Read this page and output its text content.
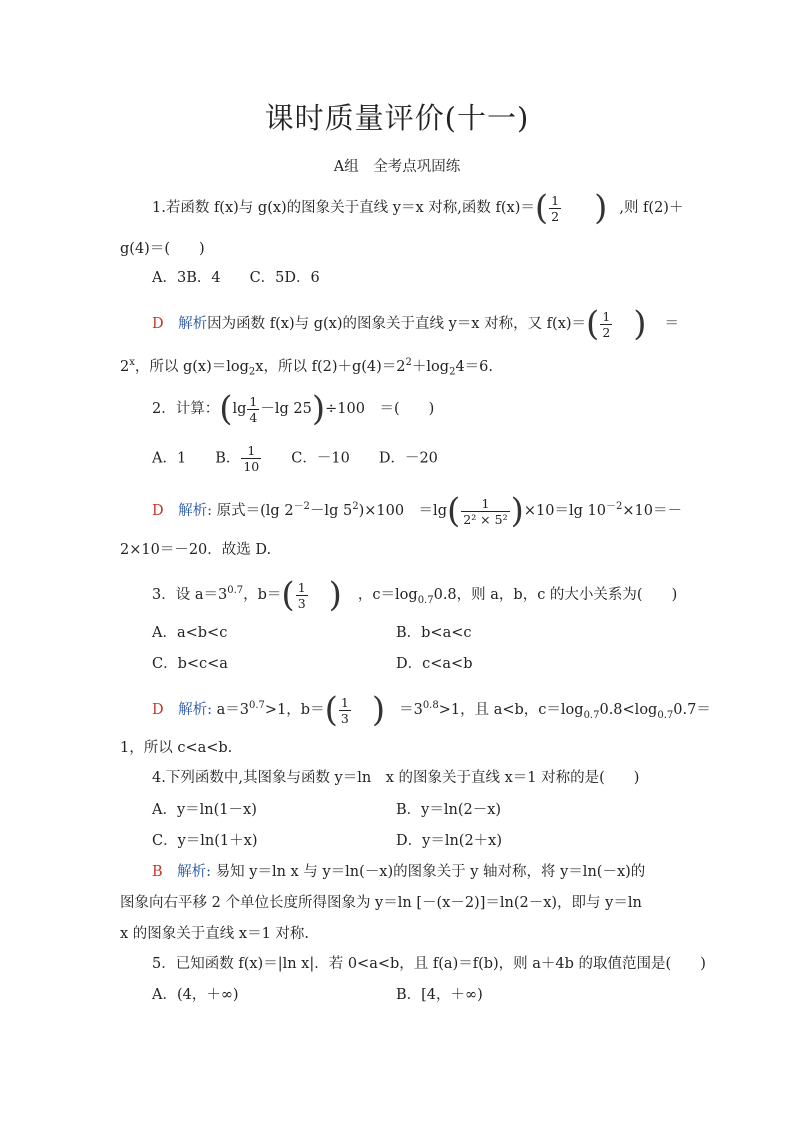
课时质量评价(十一)
A组　全考点巩固练
1.若函数 f(x)与 g(x)的图象关于直线 y＝x 对称,函数 $f(x)=( \frac{1}{2}$ ) ,则 f(2)＋
g(4)＝(　　)
A．3B．4　　C．5D．6
D　 解析因为函数 f(x)与 g(x)的图象关于直线 y＝x 对称，又 $f(x)=( \frac{1}{2}$ ) ＝
$2^x$，所以 $g(x)=\log_2x$，所以 $f(2)+g(4)=2^2+\log_24=6$.
2．计算：($\lg \frac{1}{4} -\lg$ 25)÷100　＝(　　)
A．1　　 B． $\frac{1}{10}$
　　 C．－10　　 D．－20
D　 解析: 原式＝(lg $2^{-2}-\lg$ $5^2)\times 100$　$=\lg( \frac{1}{\text{2² × 5²}} )\times 10=\lg$ $10^{-2}\times 10=-$
2×10＝－20．故选 D.
3．设 $a=3^{0.7}$，$b=( \frac{1}{3}$ ) ，$c=\log_{0.7}0.8$，则 a，b，c 的大小关系为(　　)
A．a<b<c	B．b<a<c
C．b<c<a	D．c<a<b
D　 解析: $a=3^{0.7}>1$，$b=( \frac{1}{3}$ ) $=3^{0.8}>1$，且 a<b，$c=\log_{0.7}0.8<\log_{0.7}0.7=$
1，所以 c<a<b.
4.下列函数中,其图象与函数 y＝ln　x 的图象关于直线 x＝1 对称的是(　　)
A．y＝ln(1－x)	B．y＝ln(2－x)
C．y＝ln(1＋x)	D．y＝ln(2＋x)
B　 解析: 易知 y＝ln x 与 y＝ln(－x)的图象关于 y 轴对称，将 y＝ln(－x)的
图象向右平移 2 个单位长度所得图象为 y＝ln [－(x－2)]＝ln(2－x)，即与 y＝ln
x 的图象关于直线 x＝1 对称.
5．已知函数 f(x)＝|ln x|．若 0<a<b，且 f(a)＝f(b)，则 a＋4b 的取值范围是(　　)
A．(4，＋∞)	B．[4，＋∞)
